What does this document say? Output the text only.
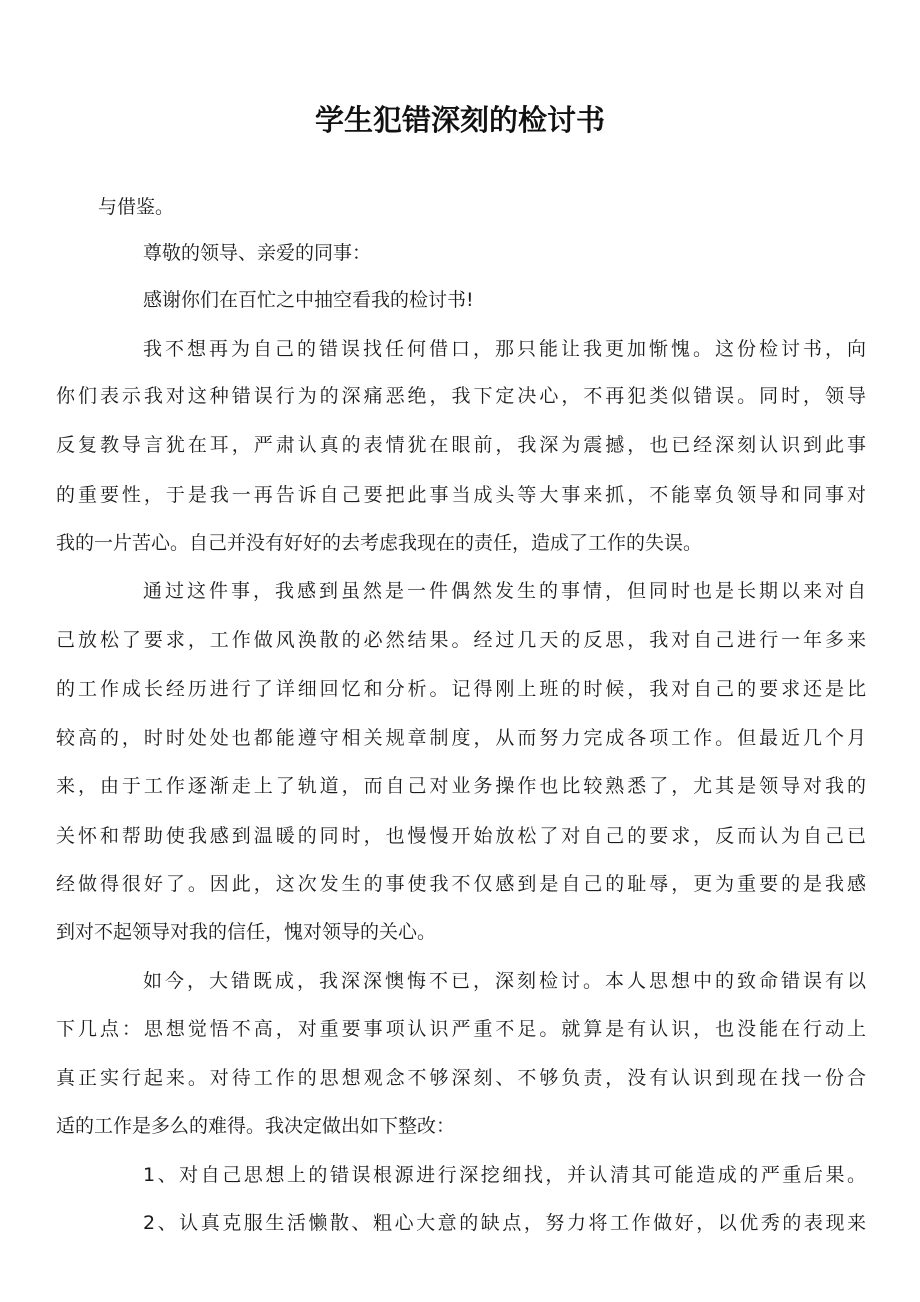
学生犯错深刻的检讨书
与借鉴。
尊敬的领导、亲爱的同事：
感谢你们在百忙之中抽空看我的检讨书!
我不想再为自己的错误找任何借口，那只能让我更加惭愧。这份检讨书，向
你们表示我对这种错误行为的深痛恶绝，我下定决心，不再犯类似错误。同时，领导
反复教导言犹在耳，严肃认真的表情犹在眼前，我深为震撼，也已经深刻认识到此事
的重要性，于是我一再告诉自己要把此事当成头等大事来抓，不能辜负领导和同事对
我的一片苦心。自己并没有好好的去考虑我现在的责任，造成了工作的失误。
通过这件事，我感到虽然是一件偶然发生的事情，但同时也是长期以来对自
己放松了要求，工作做风涣散的必然结果。经过几天的反思，我对自己进行一年多来
的工作成长经历进行了详细回忆和分析。记得刚上班的时候，我对自己的要求还是比
较高的，时时处处也都能遵守相关规章制度，从而努力完成各项工作。但最近几个月
来，由于工作逐渐走上了轨道，而自己对业务操作也比较熟悉了，尤其是领导对我的
关怀和帮助使我感到温暖的同时，也慢慢开始放松了对自己的要求，反而认为自己已
经做得很好了。因此，这次发生的事使我不仅感到是自己的耻辱，更为重要的是我感
到对不起领导对我的信任，愧对领导的关心。
如今，大错既成，我深深懊悔不已，深刻检讨。本人思想中的致命错误有以
下几点：思想觉悟不高，对重要事项认识严重不足。就算是有认识，也没能在行动上
真正实行起来。对待工作的思想观念不够深刻、不够负责，没有认识到现在找一份合
适的工作是多么的难得。我决定做出如下整改：
1、对自己思想上的错误根源进行深挖细找，并认清其可能造成的严重后果。
2、认真克服生活懒散、粗心大意的缺点，努力将工作做好，以优秀的表现来
